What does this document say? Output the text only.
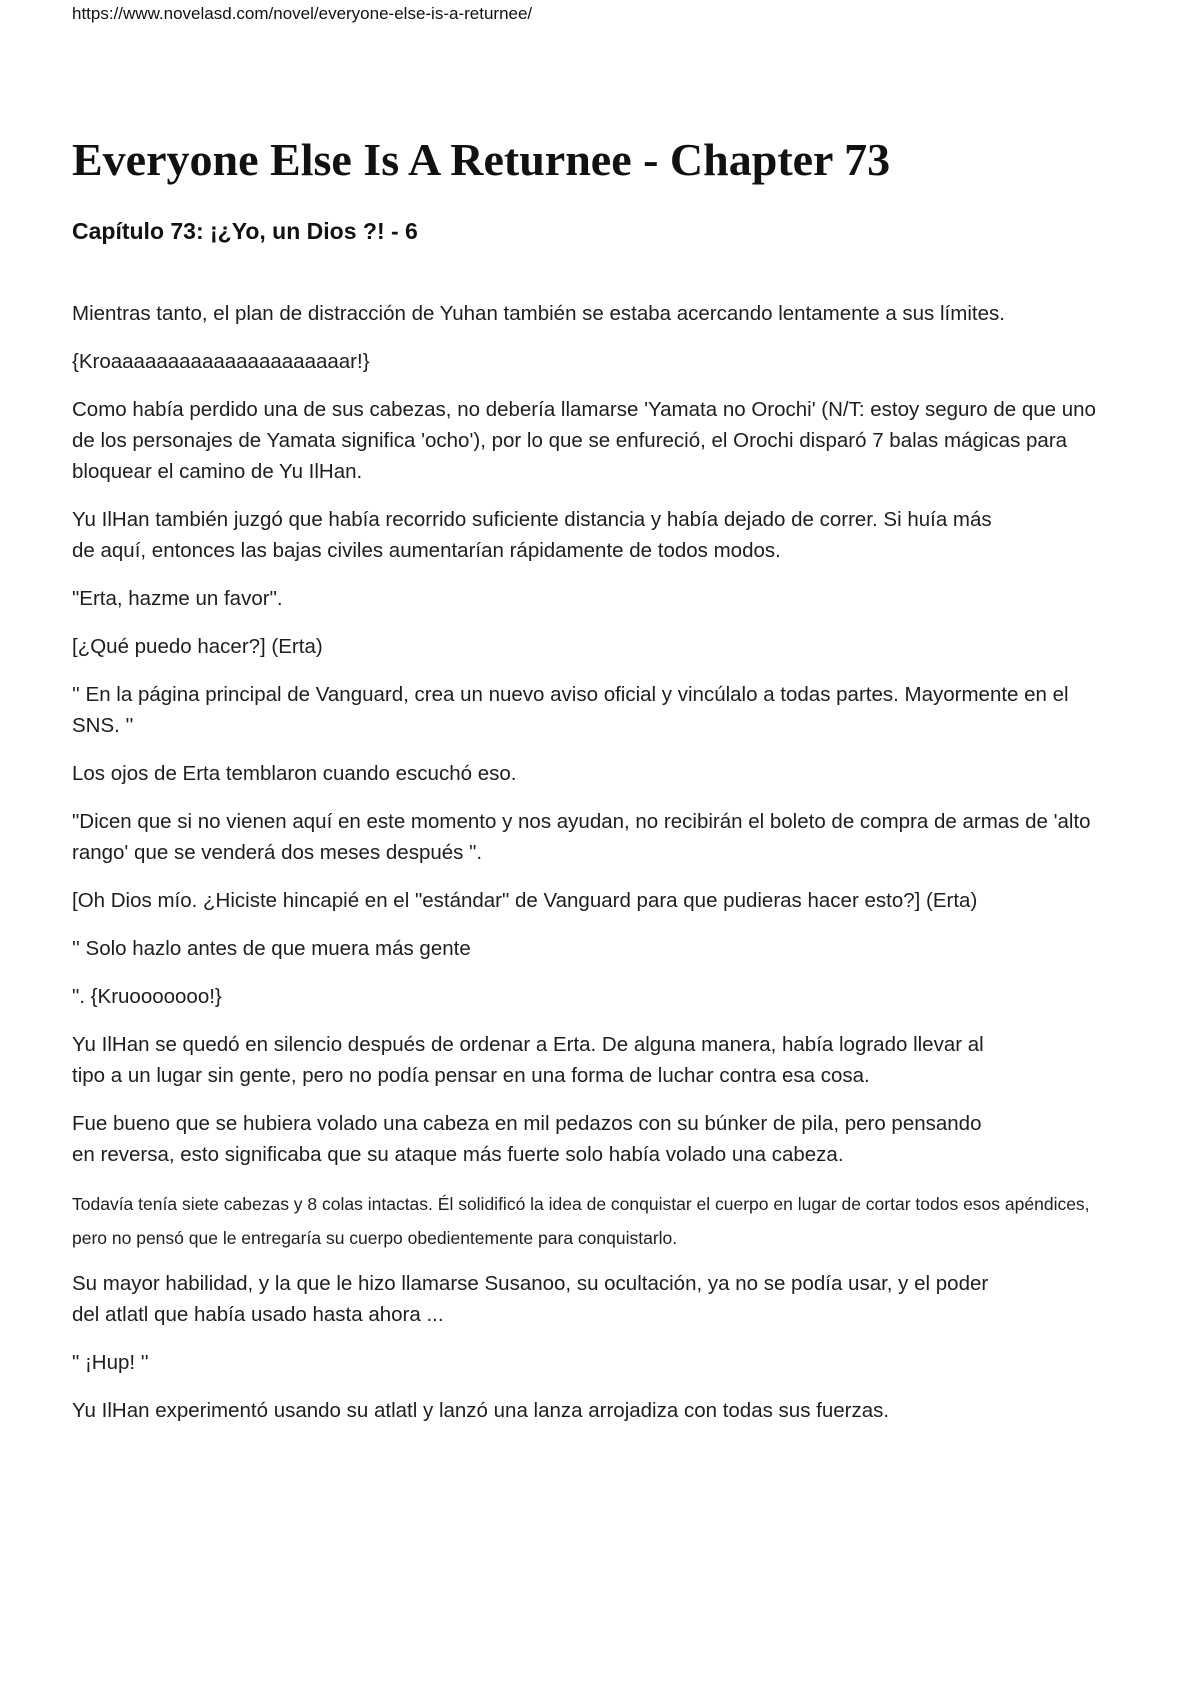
https://www.novelasd.com/novel/everyone-else-is-a-returnee/
Everyone Else Is A Returnee - Chapter 73
Capítulo 73: ¡¿Yo, un Dios ?! - 6

Mientras tanto, el plan de distracción de Yuhan también se estaba acercando lentamente a sus límites.

{Kroaaaaaaaaaaaaaaaaaaaaar!}

Como había perdido una de sus cabezas, no debería llamarse 'Yamata no Orochi' (N/T: estoy seguro de que uno de los personajes de Yamata significa 'ocho'), por lo que se enfureció, el Orochi disparó 7 balas mágicas para bloquear el camino de Yu IlHan.

Yu IlHan también juzgó que había recorrido suficiente distancia y había dejado de correr. Si huía más
de aquí, entonces las bajas civiles aumentarían rápidamente de todos modos.

"Erta, hazme un favor".

[¿Qué puedo hacer?] (Erta)

'' En la página principal de Vanguard, crea un nuevo aviso oficial y vincúlalo a todas partes. Mayormente en el SNS. ''

Los ojos de Erta temblaron cuando escuchó eso.

"Dicen que si no vienen aquí en este momento y nos ayudan, no recibirán el boleto de compra de armas de 'alto rango' que se venderá dos meses después ".

[Oh Dios mío. ¿Hiciste hincapié en el "estándar" de Vanguard para que pudieras hacer esto?] (Erta)

'' Solo hazlo antes de que muera más gente

". {Kruooooooo!}

Yu IlHan se quedó en silencio después de ordenar a Erta. De alguna manera, había logrado llevar al
tipo a un lugar sin gente, pero no podía pensar en una forma de luchar contra esa cosa.

Fue bueno que se hubiera volado una cabeza en mil pedazos con su búnker de pila, pero pensando
en reversa, esto significaba que su ataque más fuerte solo había volado una cabeza.

Todavía tenía siete cabezas y 8 colas intactas. Él solidificó la idea de conquistar el cuerpo en lugar de cortar todos esos apéndices, pero no pensó que le entregaría su cuerpo obedientemente para conquistarlo.

Su mayor habilidad, y la que le hizo llamarse Susanoo, su ocultación, ya no se podía usar, y el poder
del atlatl que había usado hasta ahora ...

" ¡Hup! ''

Yu IlHan experimentó usando su atlatl y lanzó una lanza arrojadiza con todas sus fuerzas.
